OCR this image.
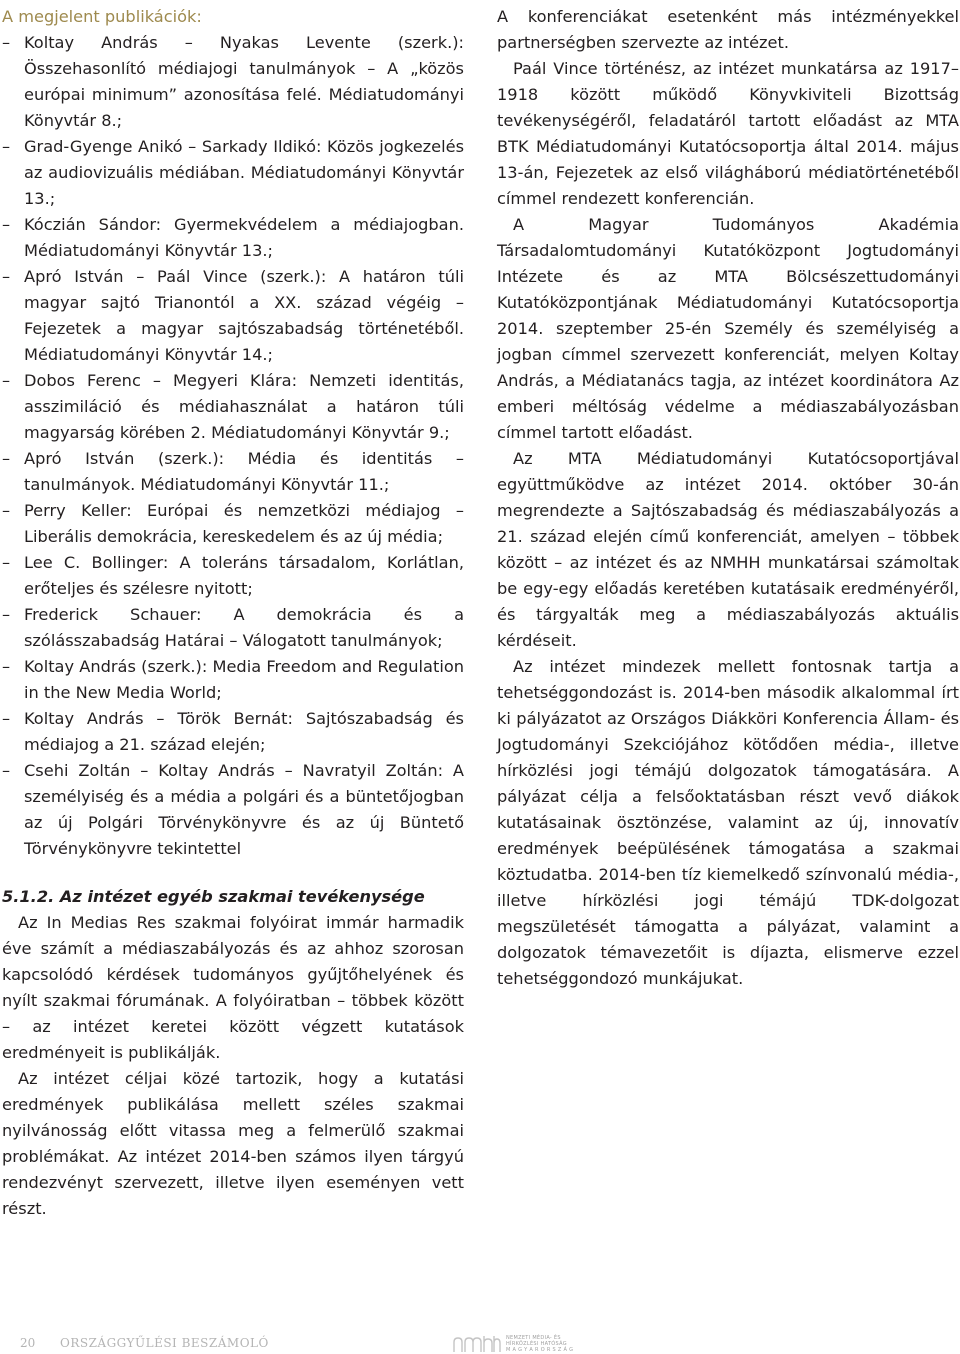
A megjelent publikációk:

– Koltay András – Nyakas Levente (szerk.): Összehasonlító médiajogi tanulmányok – A „közös európai minimum” azonosítása felé. Médiatudományi Könyvtár 8.;
– Grad-Gyenge Anikó – Sarkady Ildikó: Közös jogkezelés az audiovizuális médiában. Médiatudományi Könyvtár 13.;
– Kóczián Sándor: Gyermekvédelem a médiajogban. Médiatudományi Könyvtár 13.;
– Apró István – Paál Vince (szerk.): A határon túli magyar sajtó Trianontól a XX. század végéig – Fejezetek a magyar sajtószabadság történetéből. Médiatudományi Könyvtár 14.;
– Dobos Ferenc – Megyeri Klára: Nemzeti identitás, asszimiláció és médiahasználat a határon túli magyarság körében 2. Médiatudományi Könyvtár 9.;
– Apró István (szerk.): Média és identitás – tanulmányok. Médiatudományi Könyvtár 11.;
– Perry Keller: Európai és nemzetközi médiajog – Liberális demokrácia, kereskedelem és az új média;
– Lee C. Bollinger: A toleráns társadalom, Korlátlan, erőteljes és szélesre nyitott;
– Frederick Schauer: A demokrácia és a szólásszabadság Határai – Válogatott tanulmányok;
– Koltay András (szerk.): Media Freedom and Regulation in the New Media World;
– Koltay András – Török Bernát: Sajtószabadság és médiajog a 21. század elején;
– Csehi Zoltán – Koltay András – Navratyil Zoltán: A személyiség és a média a polgári és a büntetőjogban az új Polgári Törvénykönyvre és az új Büntető Törvénykönyvre tekintettel
5.1.2. Az intézet egyéb szakmai tevékenysége

Az In Medias Res szakmai folyóirat immár harmadik éve számít a médiaszabályozás és az ahhoz szorosan kapcsolódó kérdések tudományos gyűjtőhelyének és nyílt szakmai fórumának. A folyóiratban – többek között – az intézet keretei között végzett kutatások eredményeit is publikálják.

Az intézet céljai közé tartozik, hogy a kutatási eredmények publikálása mellett széles szakmai nyilvánosság előtt vitassa meg a felmerülő szakmai problémákat. Az intézet 2014-ben számos ilyen tárgyú rendezvényt szervezett, illetve ilyen eseményen vett részt.

A konferenciákat esetenként más intézményekkel partnerségben szervezte az intézet.

Paál Vince történész, az intézet munkatársa az 1917–1918 között működő Könyvkiviteli Bizottság tevékenységéről, feladatáról tartott előadást az MTA BTK Médiatudományi Kutatócsoportja által 2014. május 13-án, Fejezetek az első világháború médiatörténetéből címmel rendezett konferencián.

A Magyar Tudományos Akadémia Társadalomtudományi Kutatóközpont Jogtudományi Intézete és az MTA Bölcsészettudományi Kutatóközpontjának Médiatudományi Kutatócsoportja 2014. szeptember 25-én Személy és személyiség a jogban címmel szervezett konferenciát, melyen Koltay András, a Médiatanács tagja, az intézet koordinátora Az emberi méltóság védelme a médiaszabályozásban címmel tartott előadást.

Az MTA Médiatudományi Kutatócsoportjával együttműködve az intézet 2014. október 30-án megrendezte a Sajtószabadság és médiaszabályozás a 21. század elején című konferenciát, amelyen – többek között – az intézet és az NMHH munkatársai számoltak be egy-egy előadás keretében kutatásaik eredményéről, és tárgyalták meg a médiaszabályozás aktuális kérdéseit.

Az intézet mindezek mellett fontosnak tartja a tehetséggondozást is. 2014-ben második alkalommal írt ki pályázatot az Országos Diákköri Konferencia Állam- és Jogtudományi Szekciójához kötődően média-, illetve hírközlési jogi témájú dolgozatok támogatására. A pályázat célja a felsőoktatásban részt vevő diákok kutatásainak ösztönzése, valamint az új, innovatív eredmények beépülésének támogatása a szakmai köztudatba. 2014-ben tíz kiemelkedő színvonalú média-, illetve hírközlési jogi témájú TDK-dolgozat megszületését támogatta a pályázat, valamint a dolgozatok témavezetőit is díjazta, elismerve ezzel tehetséggondozó munkájukat.

20 ORSZÁGGYŰLÉSI BESZÁMOLÓ	NEMZETI MÉDIA- ÉS
HÍRKÖZLÉSI HATÓSÁG
M A G Y A R O R S Z Á G
